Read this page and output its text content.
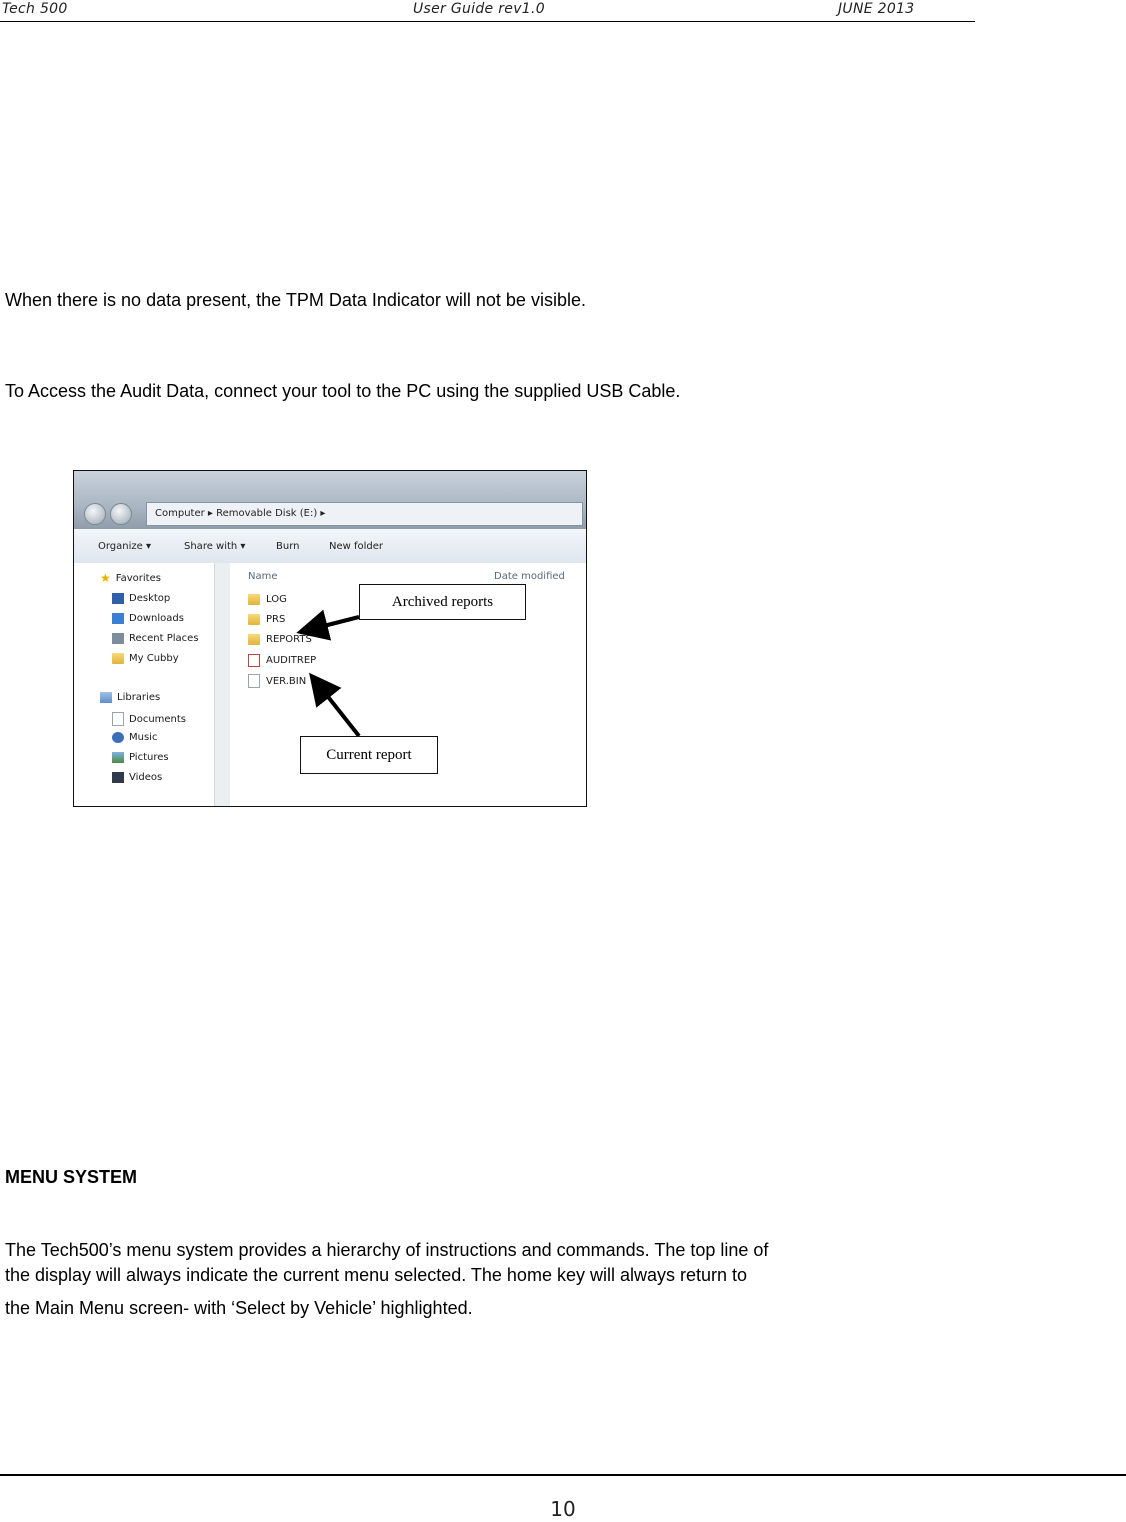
Tech 500	User Guide rev1.0	JUNE 2013
When there is no data present, the TPM Data Indicator will not be visible.
To Access the Audit Data, connect your tool to the PC using the supplied USB Cable.
Computer ▸ Removable Disk (E:) ▸
Organize ▾	Share with ▾	Burn	New folder
★ Favorites
Desktop
Downloads
Recent Places
My Cubby
Libraries
Documents
Music
Pictures
Videos
Name	Date modified
LOG
PRS
REPORTS
AUDITREP
VER.BIN
Archived reports
Current report
MENU SYSTEM
The Tech500’s menu system provides a hierarchy of instructions and commands. The top line of
the display will always indicate the current menu selected. The home key will always return to
the Main Menu screen- with ‘Select by Vehicle’ highlighted.
10
